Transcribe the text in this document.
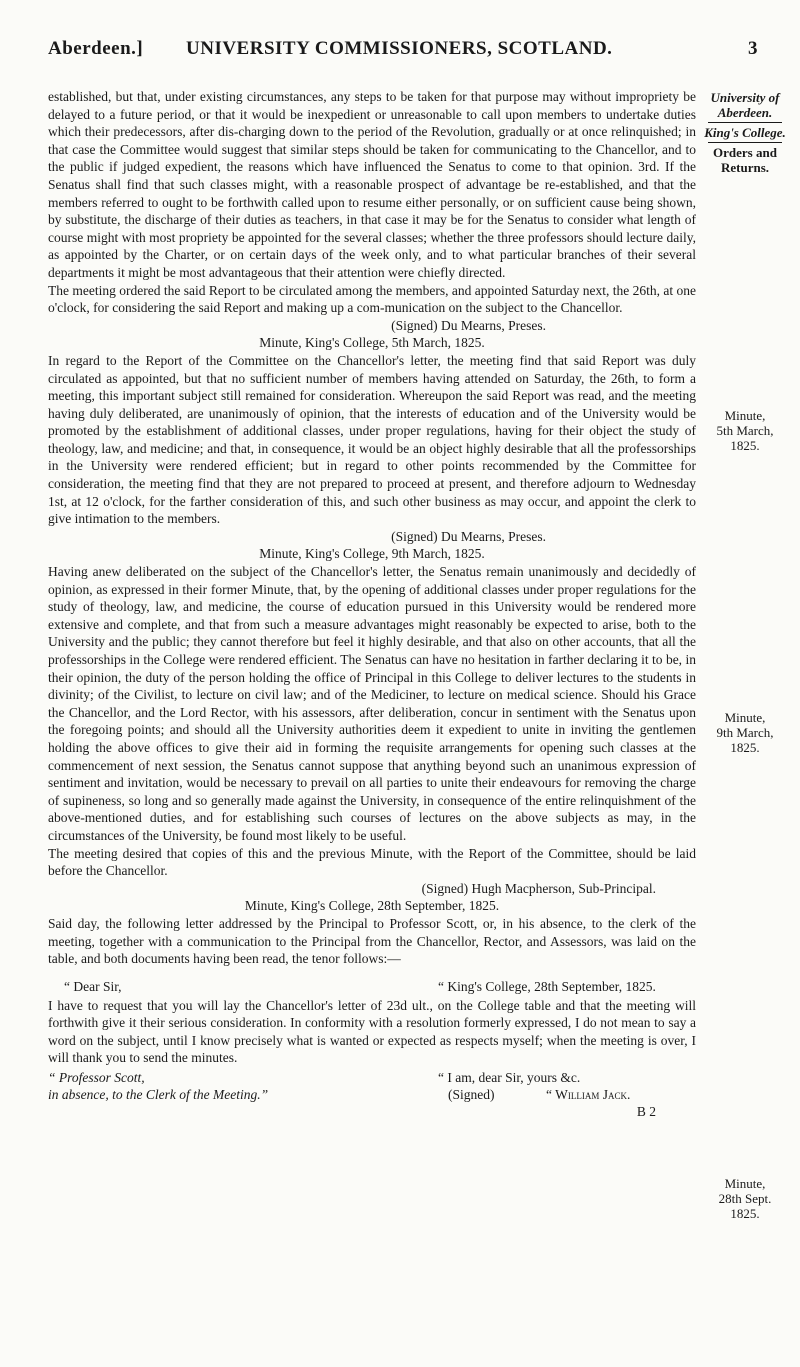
Aberdeen.] UNIVERSITY COMMISSIONERS, SCOTLAND.	3

established, but that, under existing circumstances, any steps to be taken for that purpose may without impropriety be delayed to a future period, or that it would be inexpedient or unreasonable to call upon members to undertake duties which their predecessors, after dis-charging down to the period of the Revolution, gradually or at once relinquished; in that case the Committee would suggest that similar steps should be taken for communicating to the Chancellor, and to the public if judged expedient, the reasons which have influenced the Senatus to come to that opinion. 3rd. If the Senatus shall find that such classes might, with a reasonable prospect of advantage be re-established, and that the members referred to ought to be forthwith called upon to resume either personally, or on sufficient cause being shown, by substitute, the discharge of their duties as teachers, in that case it may be for the Senatus to consider what length of course might with most propriety be appointed for the several classes; whether the three professors should lecture daily, as appointed by the Charter, or on certain days of the week only, and to what particular branches of their several departments it might be most advantageous that their attention were chiefly directed.

The meeting ordered the said Report to be circulated among the members, and appointed Saturday next, the 26th, at one o'clock, for considering the said Report and making up a com-munication on the subject to the Chancellor.

(Signed) Du Mearns, Preses.

Minute, King's College, 5th March, 1825.

In regard to the Report of the Committee on the Chancellor's letter, the meeting find that said Report was duly circulated as appointed, but that no sufficient number of members having attended on Saturday, the 26th, to form a meeting, this important subject still remained for consideration. Whereupon the said Report was read, and the meeting having duly deliberated, are unanimously of opinion, that the interests of education and of the University would be promoted by the establishment of additional classes, under proper regulations, having for their object the study of theology, law, and medicine; and that, in consequence, it would be an object highly desirable that all the professorships in the University were rendered efficient; but in regard to other points recommended by the Committee for consideration, the meeting find that they are not prepared to proceed at present, and therefore adjourn to Wednesday 1st, at 12 o'clock, for the farther consideration of this, and such other business as may occur, and appoint the clerk to give intimation to the members.

(Signed) Du Mearns, Preses.

Minute, King's College, 9th March, 1825.

Having anew deliberated on the subject of the Chancellor's letter, the Senatus remain unanimously and decidedly of opinion, as expressed in their former Minute, that, by the opening of additional classes under proper regulations for the study of theology, law, and medicine, the course of education pursued in this University would be rendered more extensive and complete, and that from such a measure advantages might reasonably be expected to arise, both to the University and the public; they cannot therefore but feel it highly desirable, and that also on other accounts, that all the professorships in the College were rendered efficient. The Senatus can have no hesitation in farther declaring it to be, in their opinion, the duty of the person holding the office of Principal in this College to deliver lectures to the students in divinity; of the Civilist, to lecture on civil law; and of the Mediciner, to lecture on medical science. Should his Grace the Chancellor, and the Lord Rector, with his assessors, after deliberation, concur in sentiment with the Senatus upon the foregoing points; and should all the University authorities deem it expedient to unite in inviting the gentlemen holding the above offices to give their aid in forming the requisite arrangements for opening such classes at the commencement of next session, the Senatus cannot suppose that anything beyond such an unanimous expression of sentiment and invitation, would be necessary to prevail on all parties to unite their endeavours for removing the charge of supineness, so long and so generally made against the University, in consequence of the entire relinquishment of the above-mentioned duties, and for establishing such courses of lectures on the above subjects as may, in the circumstances of the University, be found most likely to be useful.

The meeting desired that copies of this and the previous Minute, with the Report of the Committee, should be laid before the Chancellor.

(Signed) Hugh Macpherson, Sub-Principal.

Minute, King's College, 28th September, 1825.

Said day, the following letter addressed by the Principal to Professor Scott, or, in his absence, to the clerk of the meeting, together with a communication to the Principal from the Chancellor, Rector, and Assessors, was laid on the table, and both documents having been read, the tenor follows:—

“ Dear Sir,	“ King's College, 28th September, 1825.

I have to request that you will lay the Chancellor's letter of 23d ult., on the College table and that the meeting will forthwith give it their serious consideration. In conformity with a resolution formerly expressed, I do not mean to say a word on the subject, until I know precisely what is wanted or expected as respects myself; when the meeting is over, I will thank you to send the minutes.

“ Professor Scott,
in absence, to the Clerk of the Meeting.”
“ I am, dear Sir, yours &c.
(Signed)	“ William Jack.
B 2
University of
Aberdeen.
King's College.
Orders and
Returns.
Minute,
5th March, 1825.
Minute,
9th March, 1825.
Minute,
28th Sept. 1825.
